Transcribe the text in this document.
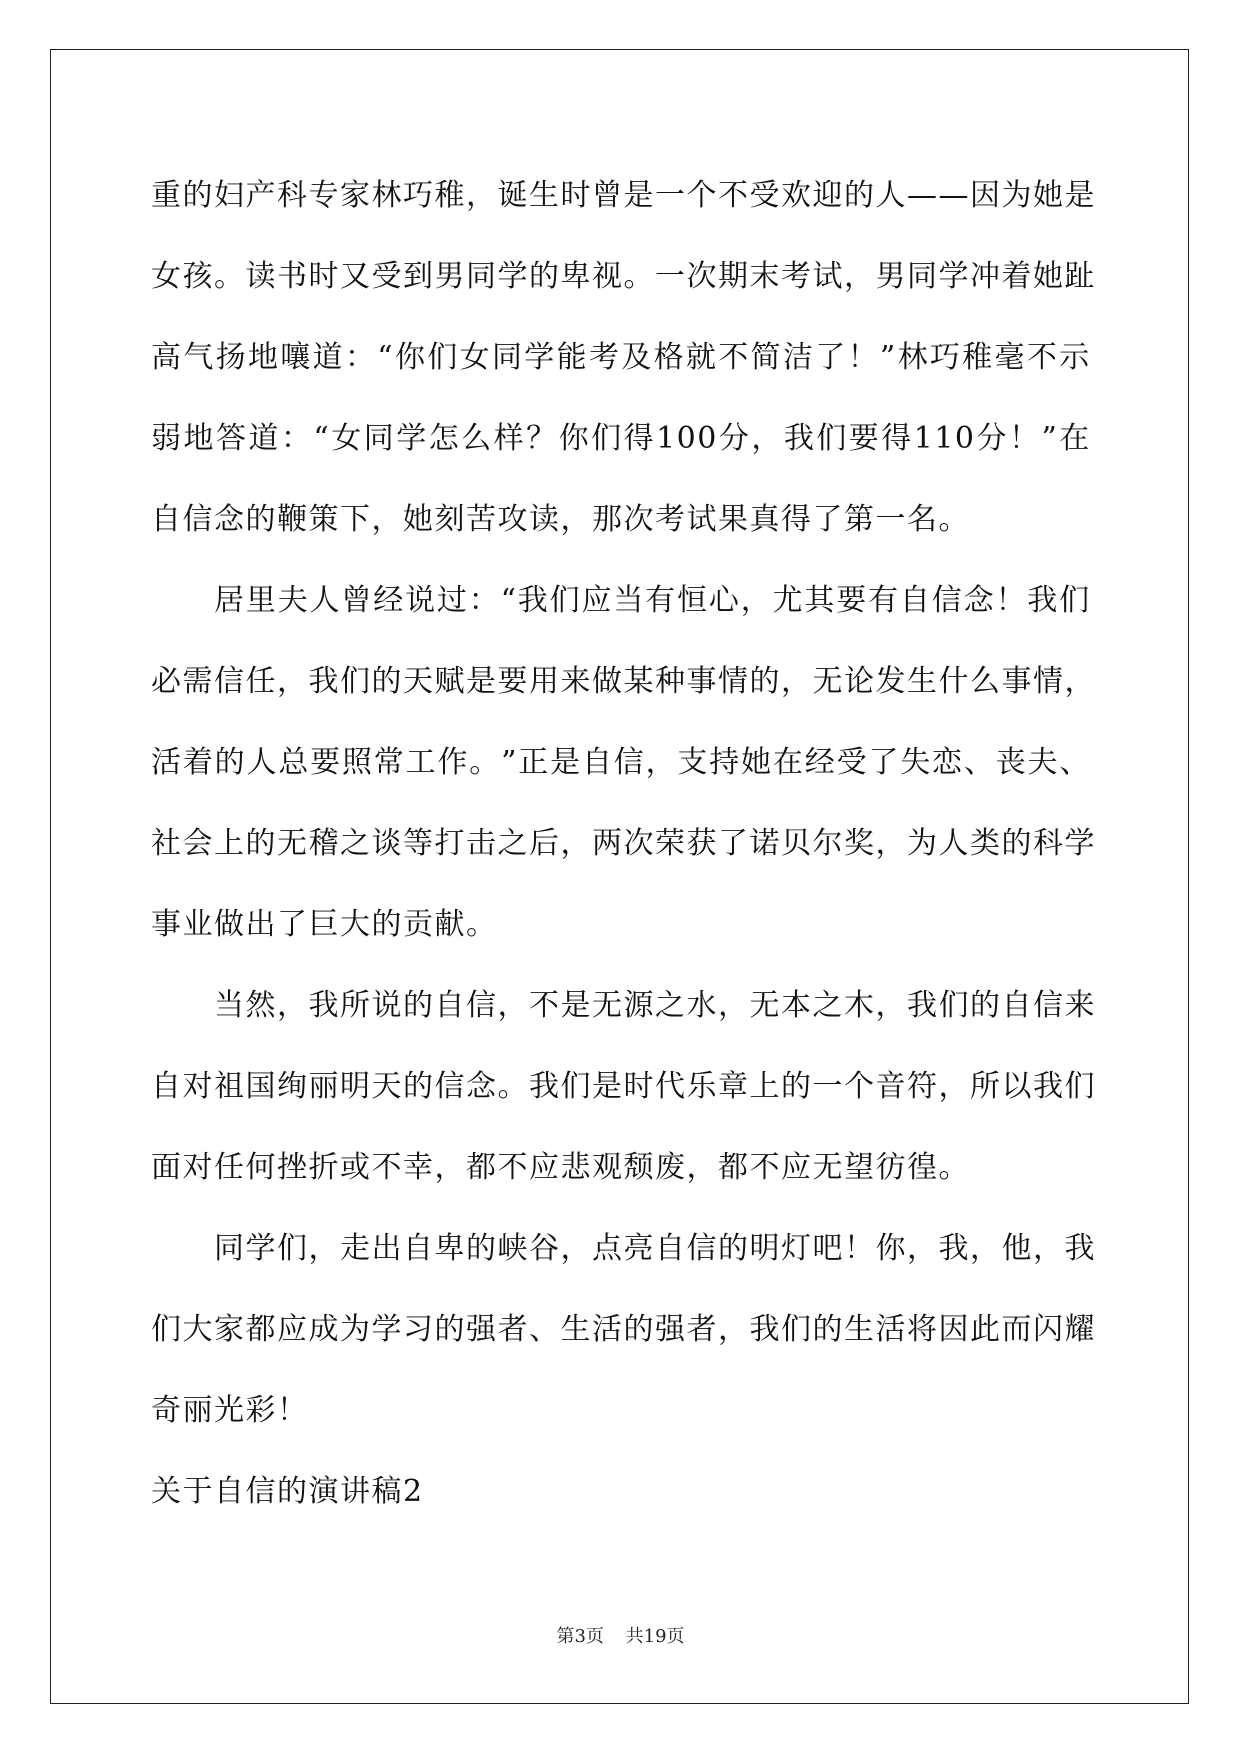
重 的 妇 产 科 专 家 林 巧 稚 ， 诞 生 时 曾 是 一 个 不 受 欢 迎 的 人 — — 因 为 她 是
女 孩 。 读 书 时 又 受 到 男 同 学 的 卑 视 。 一 次 期 末 考 试 ， 男 同 学 冲 着 她 趾
高 气 扬 地 嚷 道 ： “ 你 们 女 同 学 能 考 及 格 就 不 简 洁 了 ！ ” 林 巧 稚 毫 不 示
弱 地 答 道 ： “ 女 同 学 怎 么 样 ？ 你 们 得 100 分 ， 我 们 要 得 110 分 ！ ” 在
自信念的鞭策下，她刻苦攻读，那次考试果真得了第一名。
居 里 夫 人 曾 经 说 过 ： “ 我 们 应 当 有 恒 心 ， 尤 其 要 有 自 信 念 ！ 我 们
必 需 信 任 ， 我 们 的 天 赋 是 要 用 来 做 某 种 事 情 的 ， 无 论 发 生 什 么 事 情 ，
活 着 的 人 总 要 照 常 工 作 。 ” 正 是 自 信 ， 支 持 她 在 经 受 了 失 恋 、 丧 夫 、
社 会 上 的 无 稽 之 谈 等 打 击 之 后 ， 两 次 荣 获 了 诺 贝 尔 奖 ， 为 人 类 的 科 学
事业做出了巨大的贡献。
当 然 ， 我 所 说 的 自 信 ， 不 是 无 源 之 水 ， 无 本 之 木 ， 我 们 的 自 信 来
自 对 祖 国 绚 丽 明 天 的 信 念 。 我 们 是 时 代 乐 章 上 的 一 个 音 符 ， 所 以 我 们
面对任何挫折或不幸，都不应悲观颓废，都不应无望彷徨。
同 学 们 ， 走 出 自 卑 的 峡 谷 ， 点 亮 自 信 的 明 灯 吧 ！ 你 ， 我 ， 他 ， 我
们 大 家 都 应 成 为 学 习 的 强 者 、 生 活 的 强 者 ， 我 们 的 生 活 将 因 此 而 闪 耀
奇丽光彩！
关于自信的演讲稿2
第3页 共19页
